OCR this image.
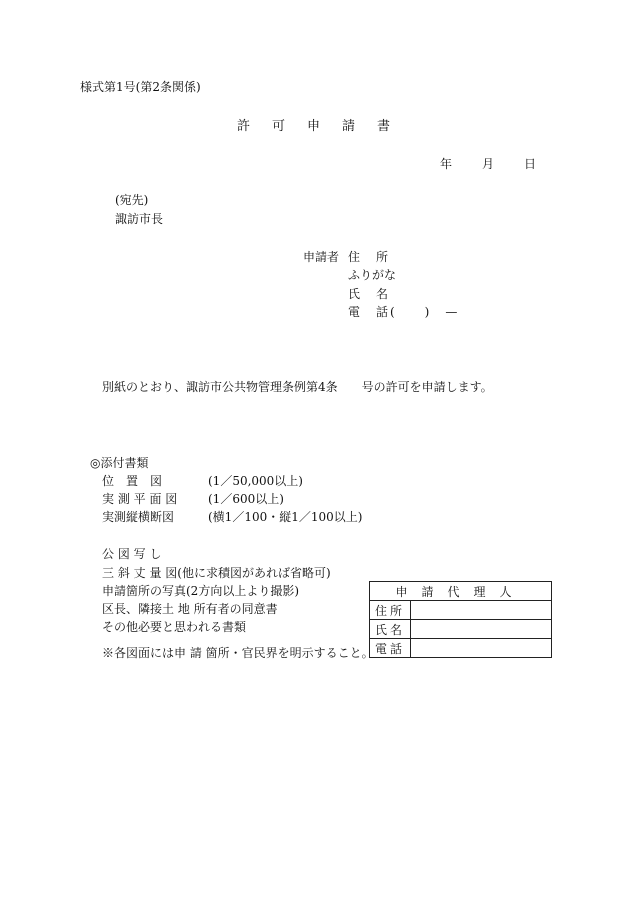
様式第1号(第2条関係)
許可申請書
年	月	日
(宛先)
諏訪市長
申請者 住　所
ふりがな
氏　名
電　話(　　)　—
別紙のとおり、諏訪市公共物管理条例第4条 号の許可を申請します。
◎添付書類
位　置　図	(1／50,000以上)
実 測 平 面 図	(1／600以上)
実測縦横断図	(横1／100・縦1／100以上)
公 図 写 し
三 斜 丈 量 図(他に求積図があれば省略可)
申請箇所の写真(2方向以上より撮影)
区長、隣接土 地 所有者の同意書
その他必要と思われる書類
※各図面には申 請 箇所・官民界を明示すること。
申請代理人	
住所	
氏名	
電話	
